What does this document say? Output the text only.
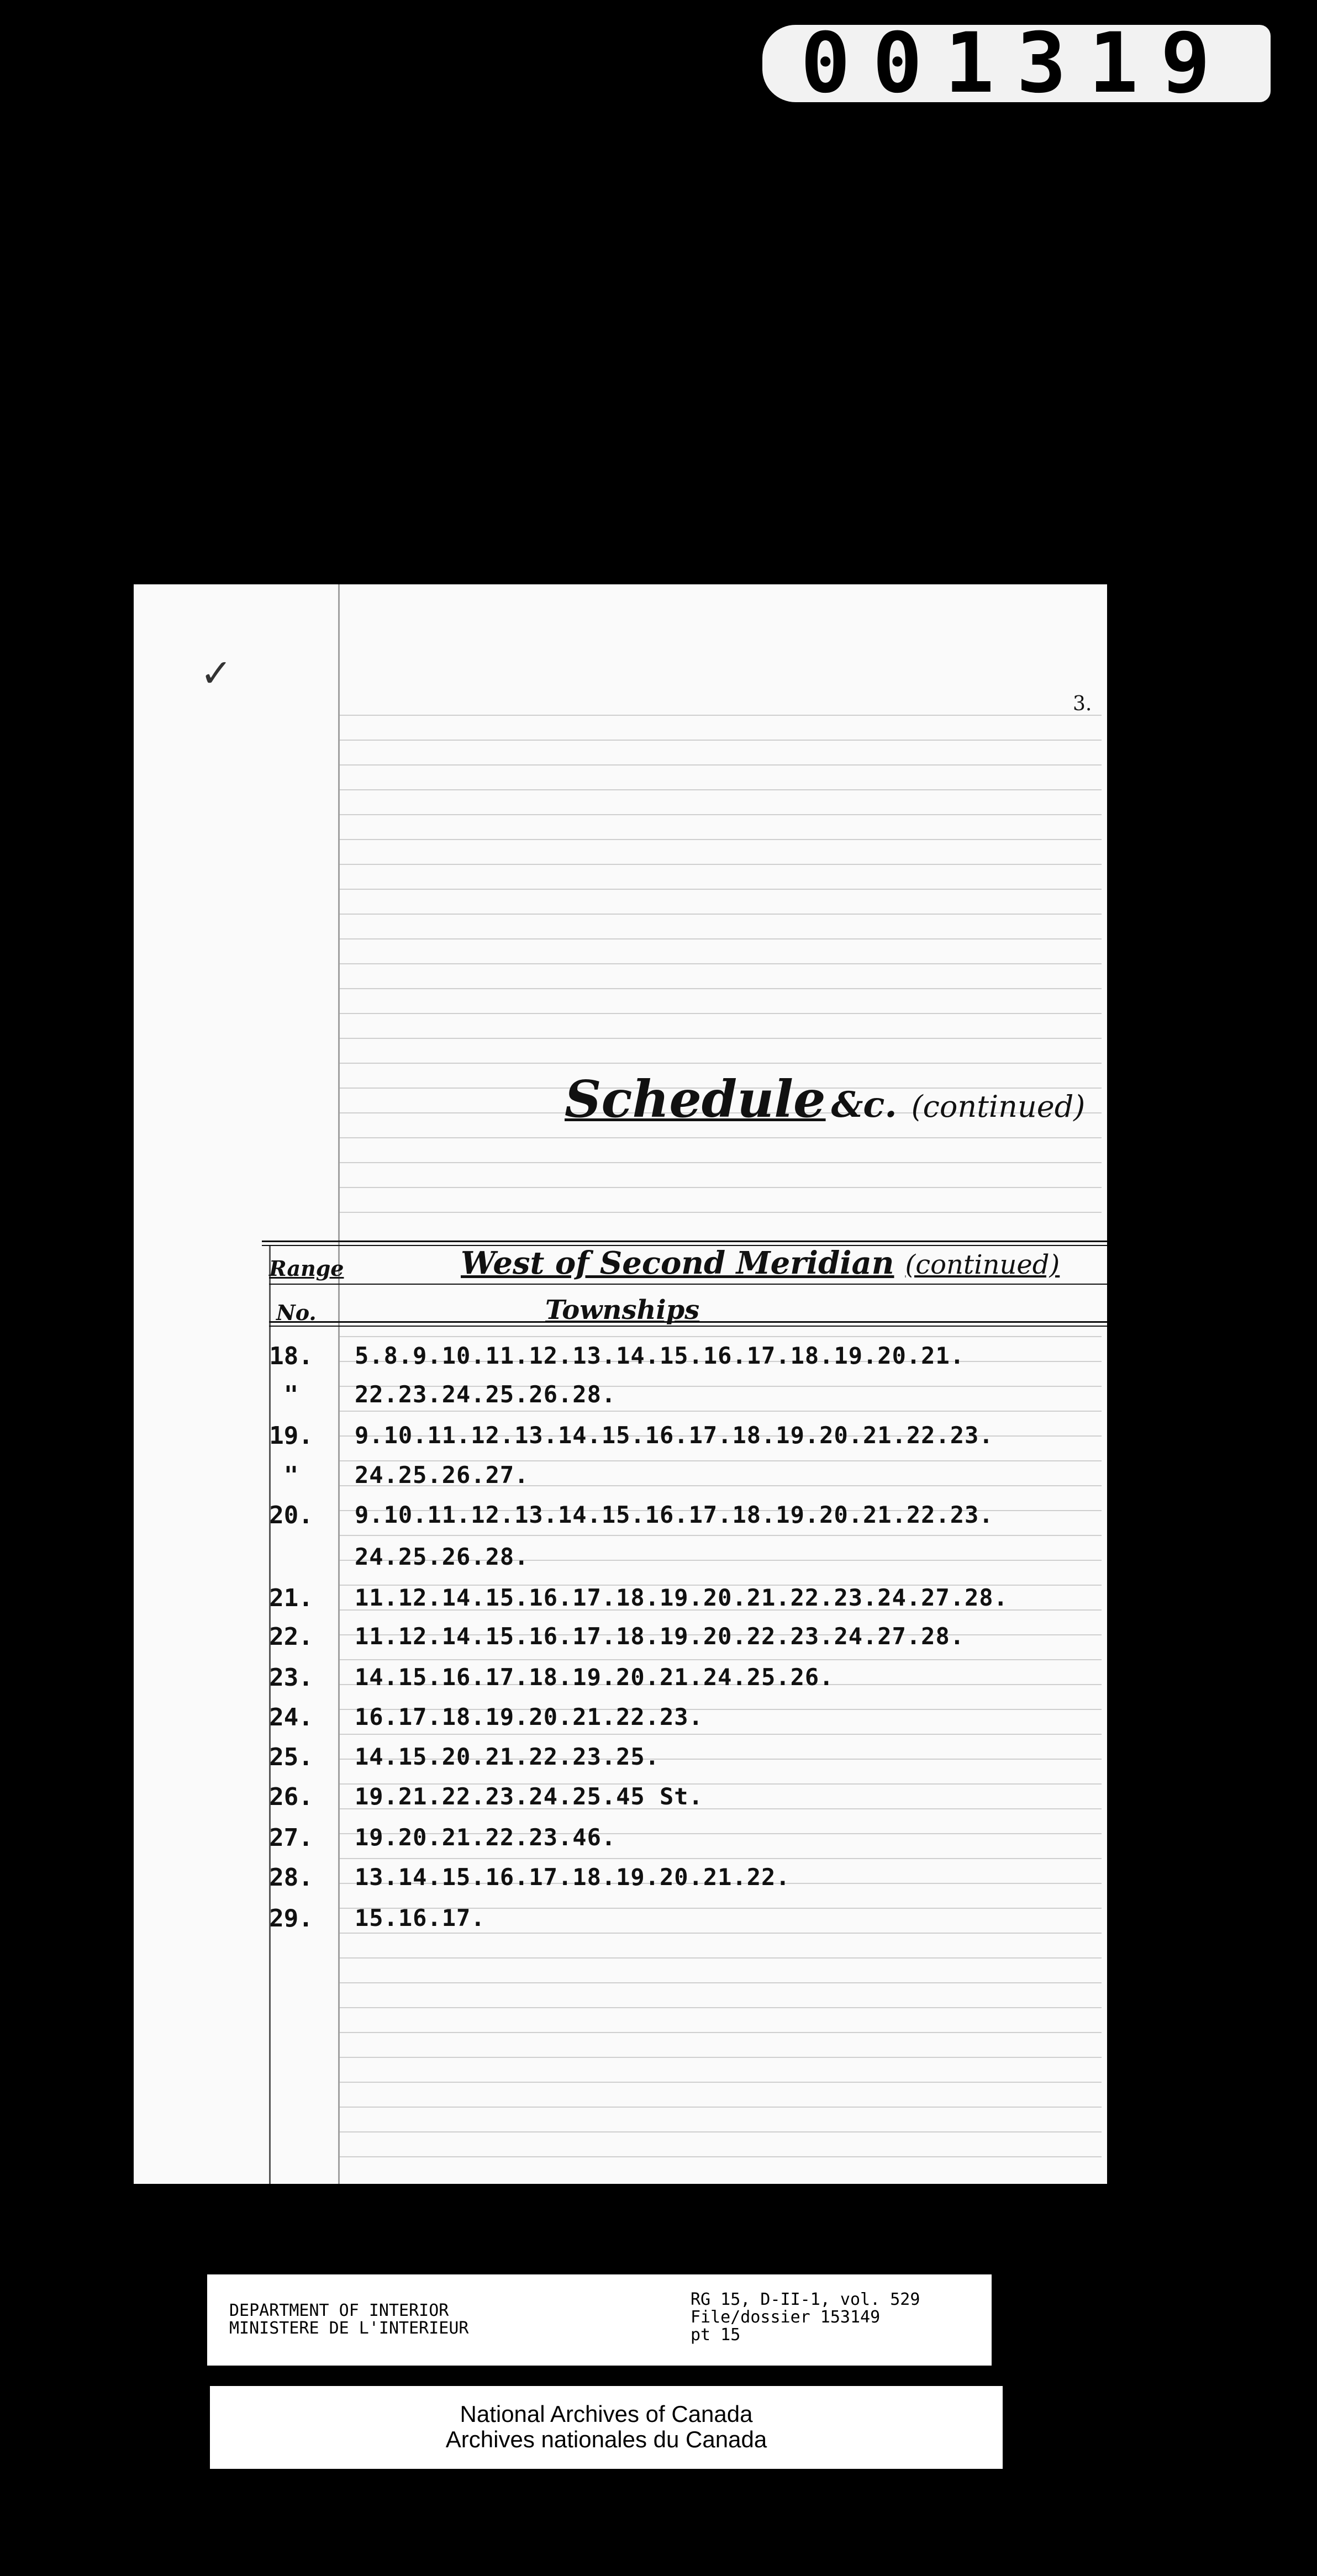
001319
✓
3.
Schedule &c. (continued)
Range
No.
West of Second Meridian (continued)
Townships
18.	5.8.9.10.11.12.13.14.15.16.17.18.19.20.21.
"	22.23.24.25.26.28.
19.	9.10.11.12.13.14.15.16.17.18.19.20.21.22.23.
"	24.25.26.27.
20.	9.10.11.12.13.14.15.16.17.18.19.20.21.22.23.
24.25.26.28.
21.	11.12.14.15.16.17.18.19.20.21.22.23.24.27.28.
22.	11.12.14.15.16.17.18.19.20.22.23.24.27.28.
23.	14.15.16.17.18.19.20.21.24.25.26.
24.	16.17.18.19.20.21.22.23.
25.	14.15.20.21.22.23.25.
26.	19.21.22.23.24.25.45 St.
27.	19.20.21.22.23.46.
28.	13.14.15.16.17.18.19.20.21.22.
29.	15.16.17.
DEPARTMENT OF INTERIOR
MINISTERE DE L'INTERIEUR
RG 15, D-II-1, vol. 529
File/dossier 153149
pt 15
National Archives of Canada
Archives nationales du Canada
